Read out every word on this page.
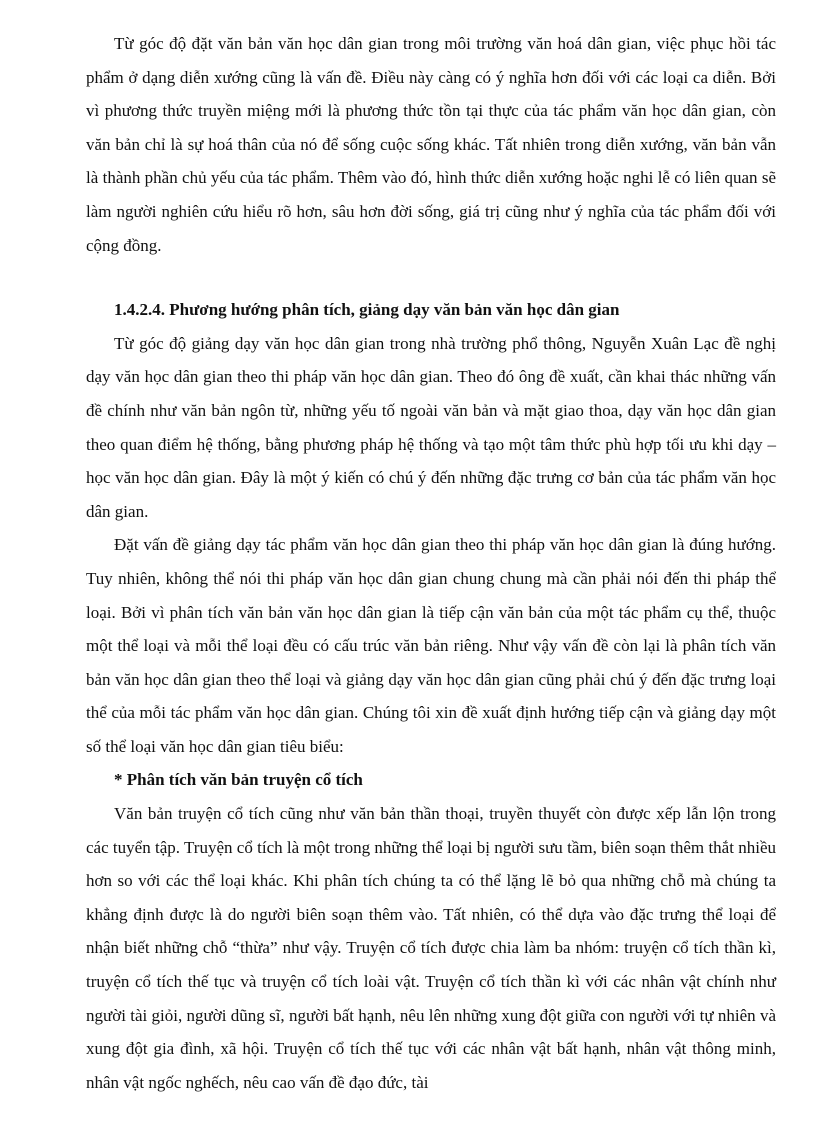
Từ góc độ đặt văn bản văn học dân gian trong môi trường văn hoá dân gian, việc phục hồi tác phẩm ở dạng diễn xướng cũng là vấn đề. Điều này càng có ý nghĩa hơn đối với các loại ca diễn. Bởi vì phương thức truyền miệng mới là phương thức tồn tại thực của tác phẩm văn học dân gian, còn văn bản chỉ là sự hoá thân của nó để sống cuộc sống khác. Tất nhiên trong diễn xướng, văn bản vẫn là thành phần chủ yếu của tác phẩm. Thêm vào đó, hình thức diễn xướng hoặc nghi lễ có liên quan sẽ làm người nghiên cứu hiểu rõ hơn, sâu hơn đời sống, giá trị cũng như ý nghĩa của tác phẩm đối với cộng đồng.

1.4.2.4. Phương hướng phân tích, giảng dạy văn bản văn học dân gian

Từ góc độ giảng dạy văn học dân gian trong nhà trường phổ thông, Nguyễn Xuân Lạc đề nghị dạy văn học dân gian theo thi pháp văn học dân gian. Theo đó ông đề xuất, cần khai thác những vấn đề chính như văn bản ngôn từ, những yếu tố ngoài văn bản và mặt giao thoa, dạy văn học dân gian theo quan điểm hệ thống, bằng phương pháp hệ thống và tạo một tâm thức phù hợp tối ưu khi dạy – học văn học dân gian. Đây là một ý kiến có chú ý đến những đặc trưng cơ bản của tác phẩm văn học dân gian.

Đặt vấn đề giảng dạy tác phẩm văn học dân gian theo thi pháp văn học dân gian là đúng hướng. Tuy nhiên, không thể nói thi pháp văn học dân gian chung chung mà cần phải nói đến thi pháp thể loại. Bởi vì phân tích văn bản văn học dân gian là tiếp cận văn bản của một tác phẩm cụ thể, thuộc một thể loại và mỗi thể loại đều có cấu trúc văn bản riêng. Như vậy vấn đề còn lại là phân tích văn bản văn học dân gian theo thể loại và giảng dạy văn học dân gian cũng phải chú ý đến đặc trưng loại thể của mỗi tác phẩm văn học dân gian. Chúng tôi xin đề xuất định hướng tiếp cận và giảng dạy một số thể loại văn học dân gian tiêu biểu:

* Phân tích văn bản truyện cổ tích

Văn bản truyện cổ tích cũng như văn bản thần thoại, truyền thuyết còn được xếp lẫn lộn trong các tuyển tập. Truyện cổ tích là một trong những thể loại bị người sưu tầm, biên soạn thêm thắt nhiều hơn so với các thể loại khác. Khi phân tích chúng ta có thể lặng lẽ bỏ qua những chỗ mà chúng ta khẳng định được là do người biên soạn thêm vào. Tất nhiên, có thể dựa vào đặc trưng thể loại để nhận biết những chỗ “thừa” như vậy. Truyện cổ tích được chia làm ba nhóm: truyện cổ tích thần kì, truyện cổ tích thế tục và truyện cổ tích loài vật. Truyện cổ tích thần kì với các nhân vật chính như người tài giỏi, người dũng sĩ, người bất hạnh, nêu lên những xung đột giữa con người với tự nhiên và xung đột gia đình, xã hội. Truyện cổ tích thế tục với các nhân vật bất hạnh, nhân vật thông minh, nhân vật ngốc nghếch, nêu cao vấn đề đạo đức, tài
